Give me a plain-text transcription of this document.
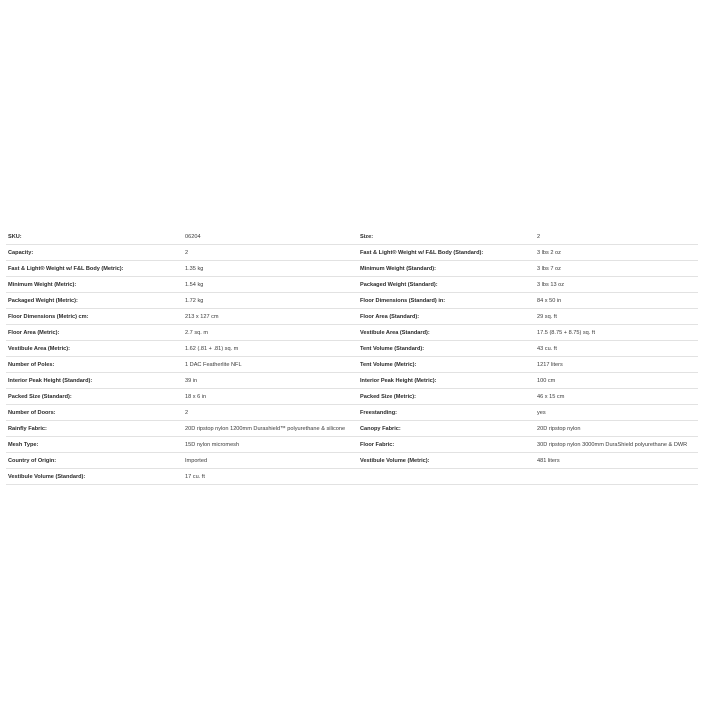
SKU:	06204	Size:	2
Capacity:	2	Fast & Light® Weight w/ F&L Body (Standard):	3 lbs 2 oz
Fast & Light® Weight w/ F&L Body (Metric):	1.35 kg	Minimum Weight (Standard):	3 lbs 7 oz
Minimum Weight (Metric):	1.54 kg	Packaged Weight (Standard):	3 lbs 13 oz
Packaged Weight (Metric):	1.72 kg	Floor Dimensions (Standard) in:	84 x 50 in
Floor Dimensions (Metric) cm:	213 x 127 cm	Floor Area (Standard):	29 sq. ft
Floor Area (Metric):	2.7 sq. m	Vestibule Area (Standard):	17.5 (8.75 + 8.75) sq. ft
Vestibule Area (Metric):	1.62 (.81 + .81) sq. m	Tent Volume (Standard):	43 cu. ft
Number of Poles:	1 DAC Featherlite NFL	Tent Volume (Metric):	1217 liters
Interior Peak Height (Standard):	39 in	Interior Peak Height (Metric):	100 cm
Packed Size (Standard):	18 x 6 in	Packed Size (Metric):	46 x 15 cm
Number of Doors:	2	Freestanding:	yes
Rainfly Fabric:	20D ripstop nylon 1200mm Durashield™ polyurethane & silicone	Canopy Fabric:	20D ripstop nylon
Mesh Type:	15D nylon micromesh	Floor Fabric:	30D ripstop nylon 3000mm DuraShield polyurethane & DWR
Country of Origin:	Imported	Vestibule Volume (Metric):	481 liters
Vestibule Volume (Standard):	17 cu. ft
